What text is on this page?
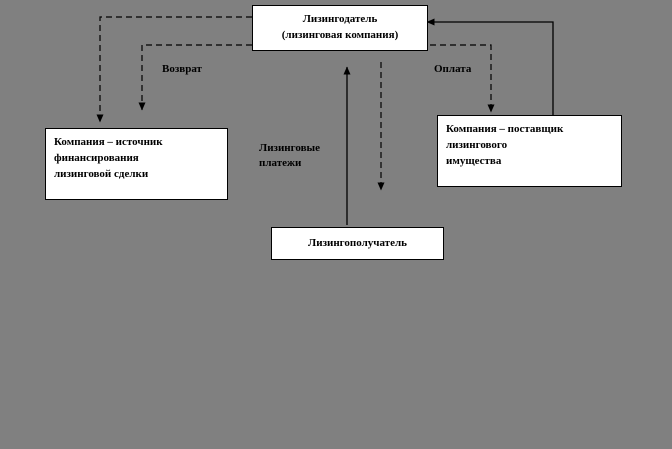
Лизингодатель
(лизинговая компания)
Компания – источник
финансирования
лизинговой сделки
Компания – поставщик
лизингового
имущества
Лизингополучатель
Возврат	Оплата
Лизинговые
платежи
